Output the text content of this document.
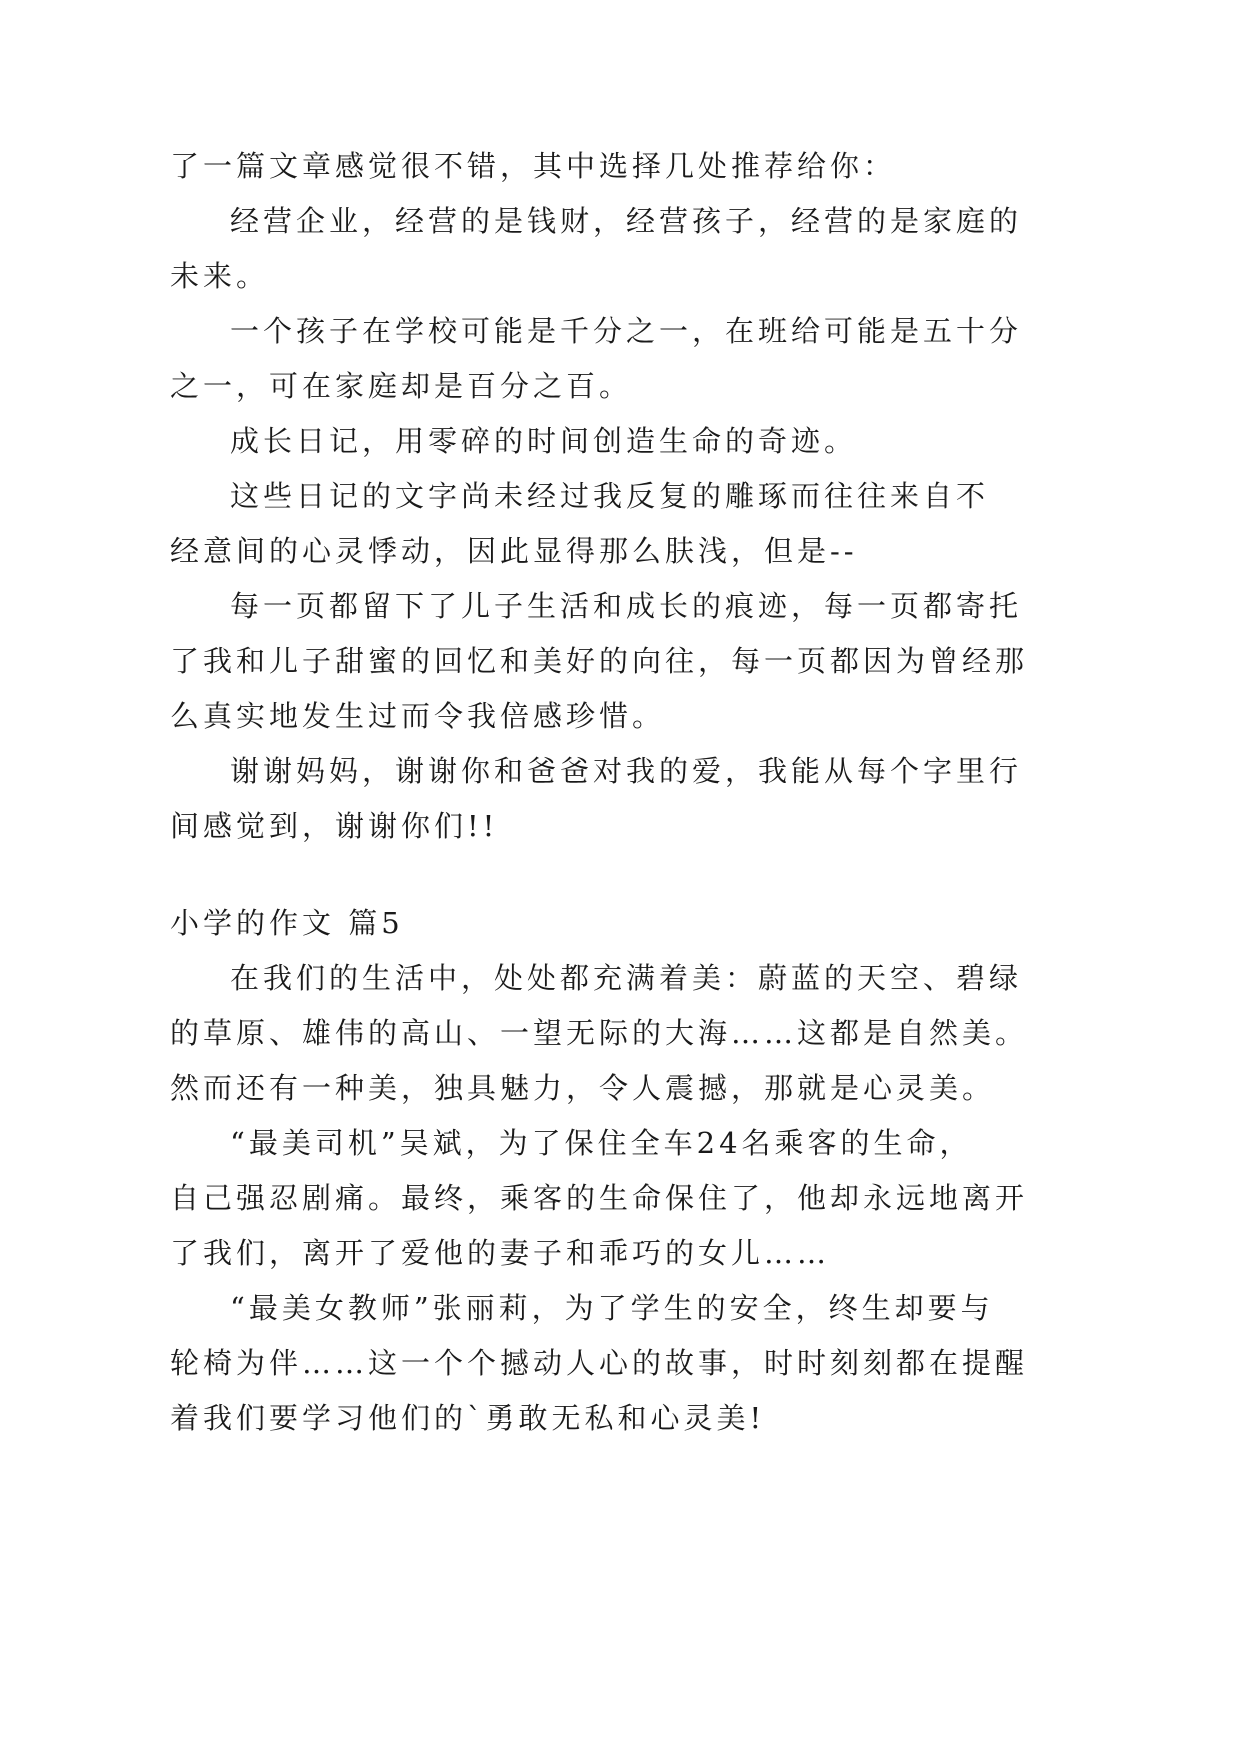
了一篇文章感觉很不错，其中选择几处推荐给你：
经营企业，经营的是钱财，经营孩子，经营的是家庭的
未来。
一个孩子在学校可能是千分之一，在班给可能是五十分
之一，可在家庭却是百分之百。
成长日记，用零碎的时间创造生命的奇迹。
这些日记的文字尚未经过我反复的雕琢而往往来自不
经意间的心灵悸动，因此显得那么肤浅，但是--
每一页都留下了儿子生活和成长的痕迹，每一页都寄托
了我和儿子甜蜜的回忆和美好的向往，每一页都因为曾经那
么真实地发生过而令我倍感珍惜。
谢谢妈妈，谢谢你和爸爸对我的爱，我能从每个字里行
间感觉到，谢谢你们!!
小学的作文 篇5
在我们的生活中，处处都充满着美：蔚蓝的天空、碧绿
的草原、雄伟的高山、一望无际的大海……这都是自然美。
然而还有一种美，独具魅力，令人震撼，那就是心灵美。
“最美司机”吴斌，为了保住全车24名乘客的生命，
自己强忍剧痛。最终，乘客的生命保住了，他却永远地离开
了我们，离开了爱他的妻子和乖巧的女儿……
“最美女教师”张丽莉，为了学生的安全，终生却要与
轮椅为伴……这一个个撼动人心的故事，时时刻刻都在提醒
着我们要学习他们的`勇敢无私和心灵美!
